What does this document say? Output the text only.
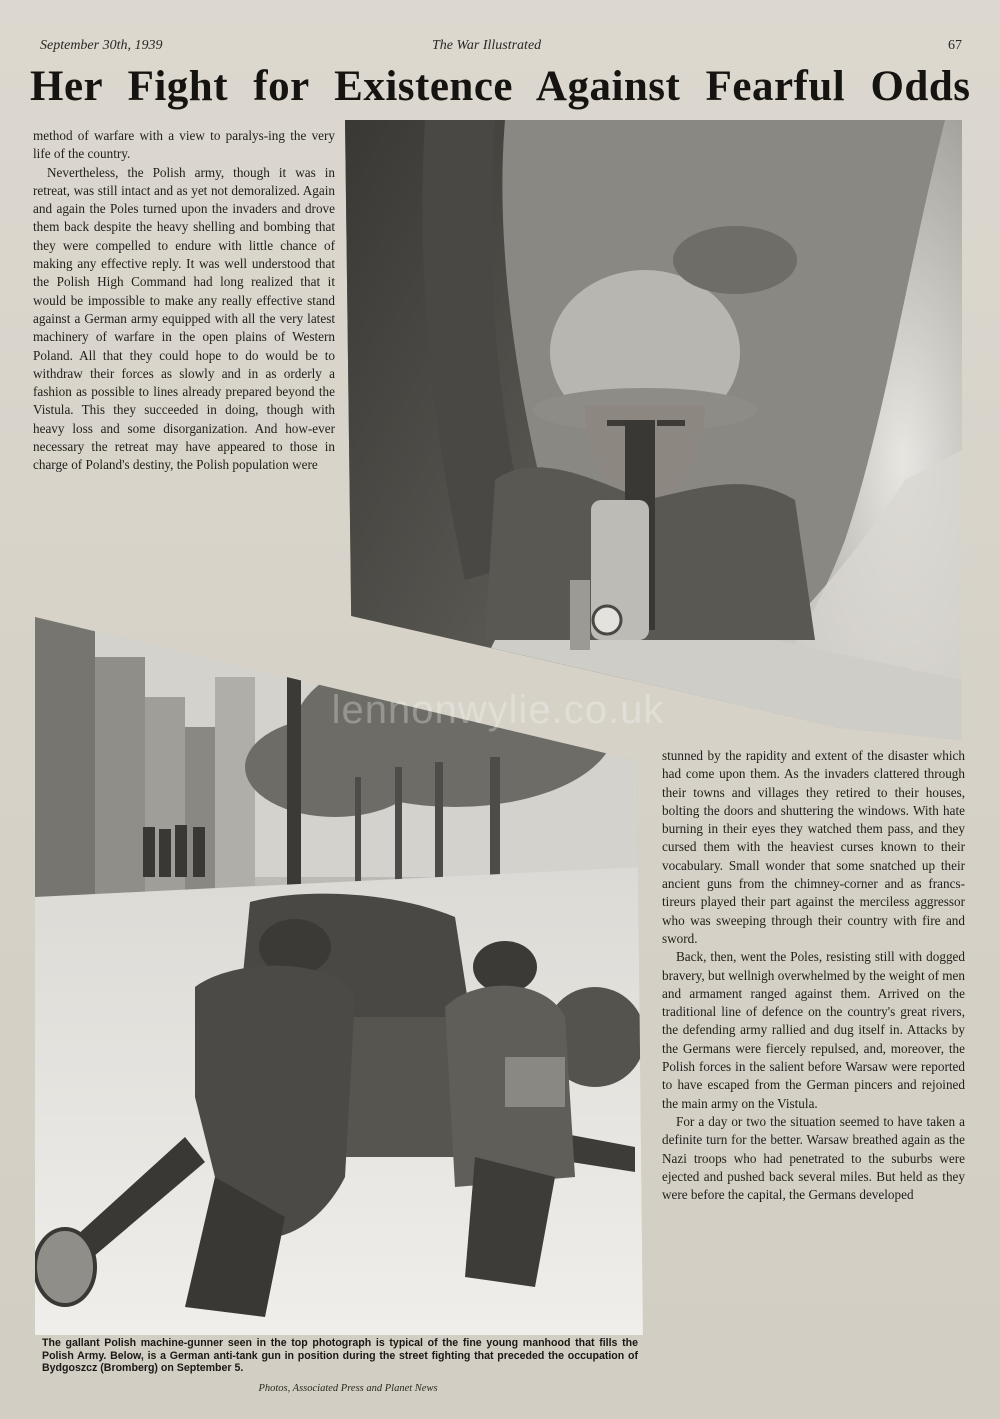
September 30th, 1939	The War Illustrated	67
Her Fight for Existence Against Fearful Odds
lennonwylie.co.uk

method of warfare with a view to paralys-ing the very life of the country.

Nevertheless, the Polish army, though it was in retreat, was still intact and as yet not demoralized. Again and again the Poles turned upon the invaders and drove them back despite the heavy shelling and bombing that they were compelled to endure with little chance of making any effective reply. It was well understood that the Polish High Command had long realized that it would be impossible to make any really effective stand against a German army equipped with all the very latest machinery of warfare in the open plains of Western Poland. All that they could hope to do would be to withdraw their forces as slowly and in as orderly a fashion as possible to lines already prepared beyond the Vistula. This they succeeded in doing, though with heavy loss and some disorganization. And how-ever necessary the retreat may have appeared to those in charge of Poland's destiny, the Polish population were

stunned by the rapidity and extent of the disaster which had come upon them. As the invaders clattered through their towns and villages they retired to their houses, bolting the doors and shuttering the windows. With hate burning in their eyes they watched them pass, and they cursed them with the heaviest curses known to their vocabulary. Small wonder that some snatched up their ancient guns from the chimney-corner and as francs-tireurs played their part against the merciless aggressor who was sweeping through their country with fire and sword.

Back, then, went the Poles, resisting still with dogged bravery, but wellnigh overwhelmed by the weight of men and armament ranged against them. Arrived on the traditional line of defence on the country's great rivers, the defending army rallied and dug itself in. Attacks by the Germans were fiercely repulsed, and, moreover, the Polish forces in the salient before Warsaw were reported to have escaped from the German pincers and rejoined the main army on the Vistula.

For a day or two the situation seemed to have taken a definite turn for the better. Warsaw breathed again as the Nazi troops who had penetrated to the suburbs were ejected and pushed back several miles. But held as they were before the capital, the Germans developed

The gallant Polish machine-gunner seen in the top photograph is typical of the fine young manhood that fills the Polish Army. Below, is a German anti-tank gun in position during the street fighting that preceded the occupation of Bydgoszcz (Bromberg) on September 5.
Photos, Associated Press and Planet News
